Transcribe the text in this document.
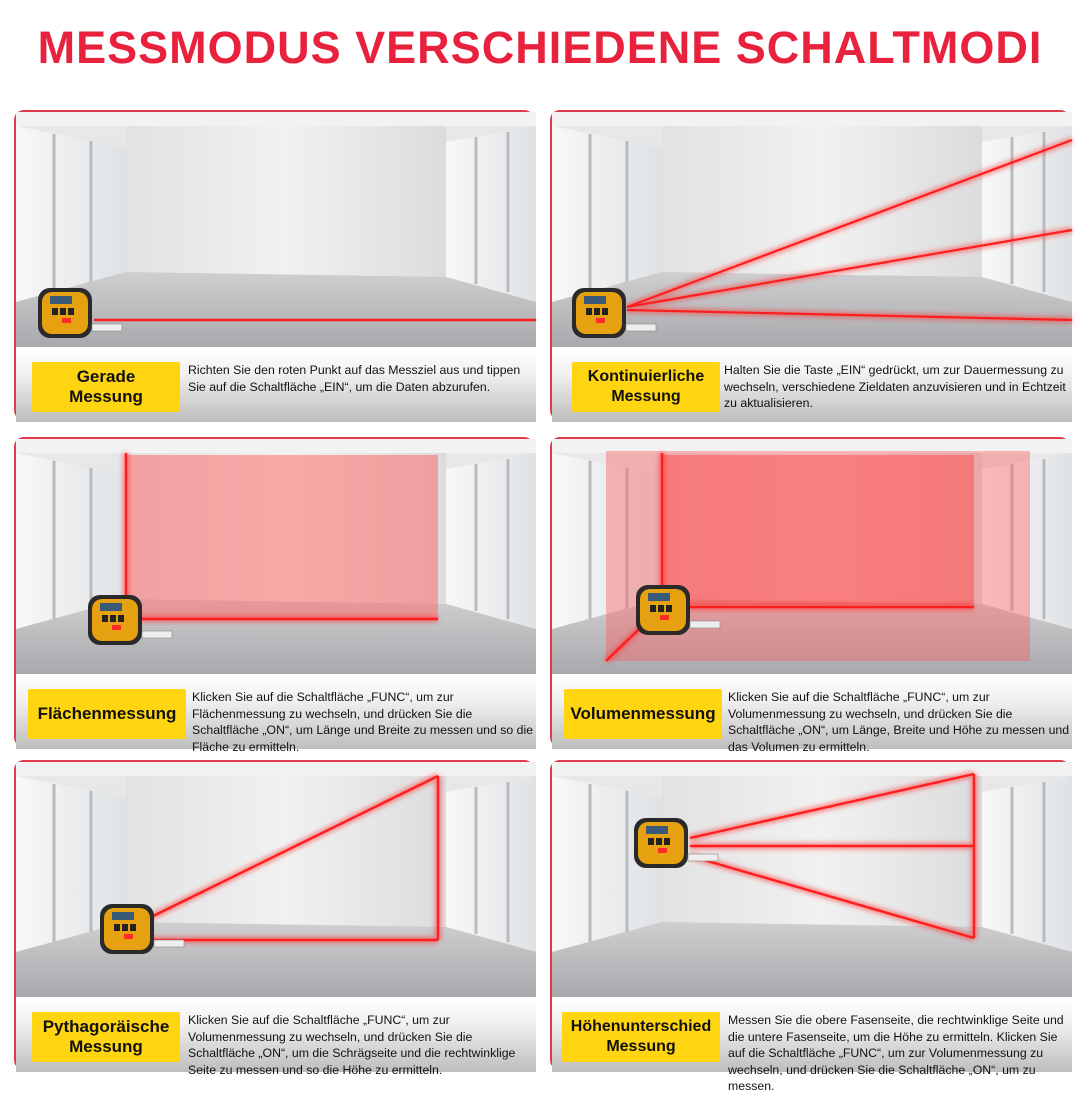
MESSMODUS VERSCHIEDENE SCHALTMODI
Gerade
Messung
Richten Sie den roten Punkt auf das Messziel aus und tippen Sie auf die Schaltfläche „EIN“, um die Daten abzurufen.
Kontinuierliche
Messung
Halten Sie die Taste „EIN“ gedrückt, um zur Dauermessung zu wechseln, verschiedene Zieldaten anzuvisieren und in Echtzeit zu aktualisieren.
Flächenmessung
Klicken Sie auf die Schaltfläche „FUNC“, um zur Flächenmessung zu wechseln, und drücken Sie die Schaltfläche „ON“, um Länge und Breite zu messen und so die Fläche zu ermitteln.
Volumenmessung
Klicken Sie auf die Schaltfläche „FUNC“, um zur Volumenmessung zu wechseln, und drücken Sie die Schaltfläche „ON“, um Länge, Breite und Höhe zu messen und das Volumen zu ermitteln.
Pythagoräische
Messung
Klicken Sie auf die Schaltfläche „FUNC“, um zur Volumenmessung zu wechseln, und drücken Sie die Schaltfläche „ON“, um die Schrägseite und die rechtwinklige Seite zu messen und so die Höhe zu ermitteln.
Höhenunterschied
Messung
Messen Sie die obere Fasenseite, die rechtwinklige Seite und die untere Fasenseite, um die Höhe zu ermitteln. Klicken Sie auf die Schaltfläche „FUNC“, um zur Volumenmessung zu wechseln, und drücken Sie die Schaltfläche „ON“, um zu messen.
